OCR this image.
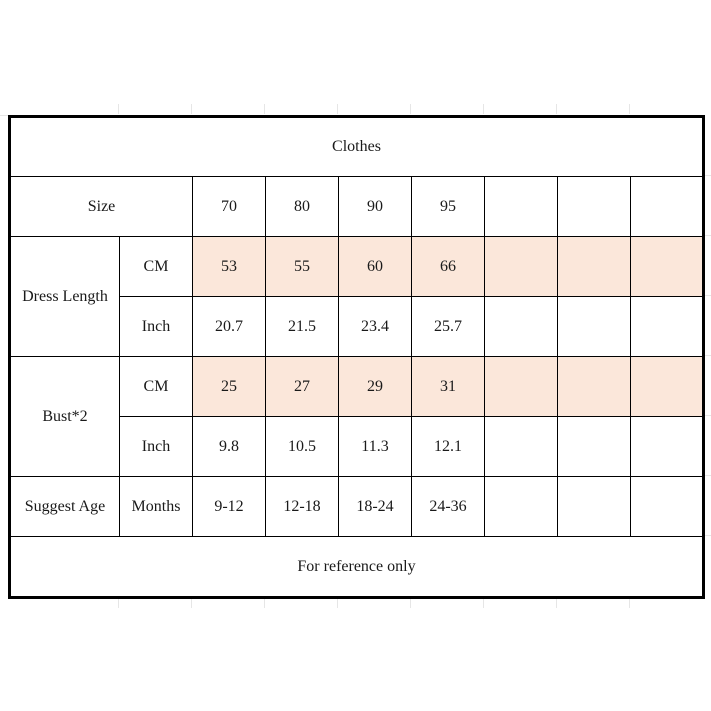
Clothes								
Size		70	80	90	95			
Dress Length	CM	53	55	60	66			
	Inch	20.7	21.5	23.4	25.7			
Bust*2	CM	25	27	29	31			
	Inch	9.8	10.5	11.3	12.1			
Suggest Age	Months	9-12	12-18	18-24	24-36			
For reference only								
